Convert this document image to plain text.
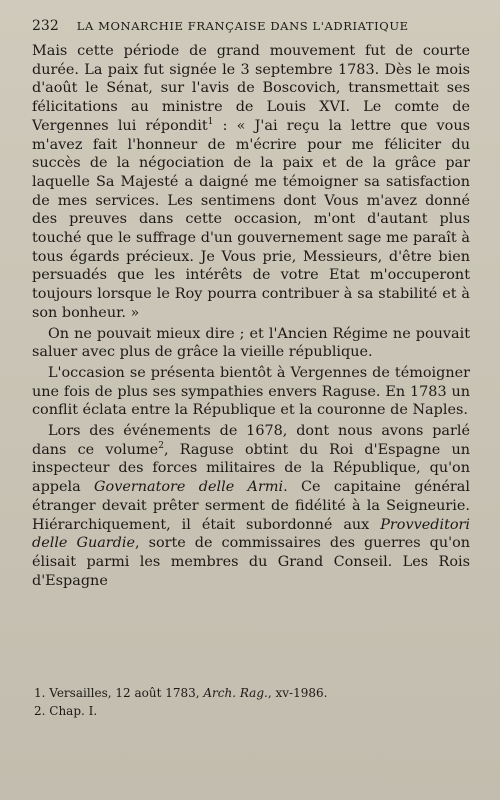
232 LA MONARCHIE FRANÇAISE DANS L'ADRIATIQUE

Mais cette période de grand mouvement fut de courte durée. La paix fut signée le 3 septembre 1783. Dès le mois d'août le Sénat, sur l'avis de Boscovich, transmettait ses félicitations au ministre de Louis XVI. Le comte de Vergennes lui répondit$^1$ : « J'ai reçu la lettre que vous m'avez fait l'honneur de m'écrire pour me féliciter du succès de la négociation de la paix et de la grâce par laquelle Sa Majesté a daigné me témoigner sa satisfaction de mes services. Les sentimens dont Vous m'avez donné des preuves dans cette occasion, m'ont d'autant plus touché que le suffrage d'un gouvernement sage me paraît à tous égards précieux. Je Vous prie, Messieurs, d'être bien persuadés que les intérêts de votre Etat m'occuperont toujours lorsque le Roy pourra contribuer à sa stabilité et à son bonheur. »

On ne pouvait mieux dire ; et l'Ancien Régime ne pouvait saluer avec plus de grâce la vieille république.

L'occasion se présenta bientôt à Vergennes de témoigner une fois de plus ses sympathies envers Raguse. En 1783 un conflit éclata entre la République et la couronne de Naples.

Lors des événements de 1678, dont nous avons parlé dans ce volume$^2$, Raguse obtint du Roi d'Espagne un inspecteur des forces militaires de la République, qu'on appela Governatore delle Armi. Ce capitaine général étranger devait prêter serment de fidélité à la Seigneurie. Hiérarchiquement, il était subordonné aux Provveditori delle Guardie, sorte de commissaires des guerres qu'on élisait parmi les membres du Grand Conseil. Les Rois d'Espagne

1. Versailles, 12 août 1783, Arch. Rag., xv-1986.
2. Chap. I.
